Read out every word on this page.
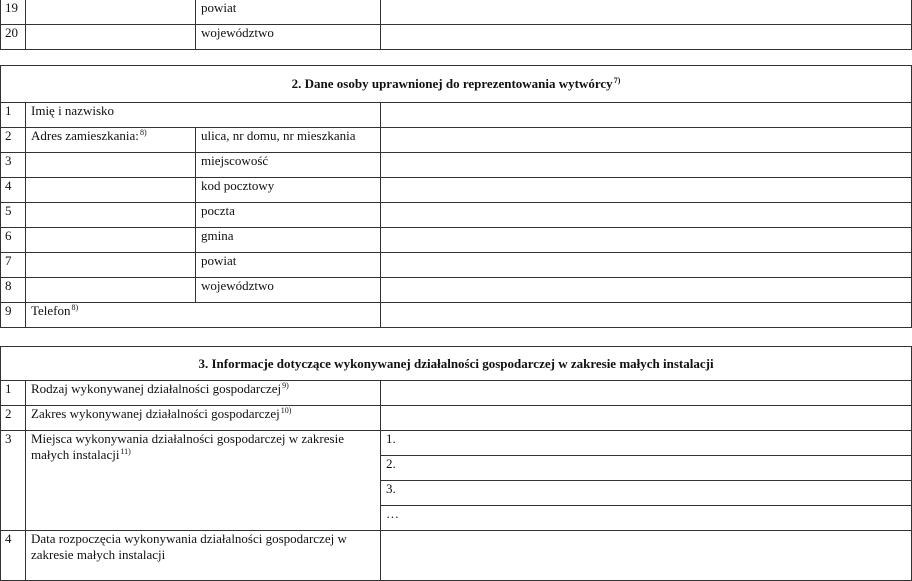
19		powiat	
20		województwo	
2. Dane osoby uprawnionej do reprezentowania wytwórcy$^{7)}$
1	Imię i nazwisko		
2	Adres zamieszkania:$^{8)}$	ulica, nr domu, nr mieszkania	
3		miejscowość	
4		kod pocztowy	
5		poczta	
6		gmina	
7		powiat	
8		województwo	
9	Telefon$^{8)}$	
3. Informacje dotyczące wykonywanej działalności gospodarczej w zakresie małych instalacji		
1	Rodzaj wykonywanej działalności gospodarczej$^{9)}$	
2	Zakres wykonywanej działalności gospodarczej$^{10)}$	
3	Miejsca wykonywania działalności gospodarczej w zakresie małych instalacji$^{11)}$	1.
		2.
		3.
		…
4	Data rozpoczęcia wykonywania działalności gospodarczej w zakresie małych instalacji	
